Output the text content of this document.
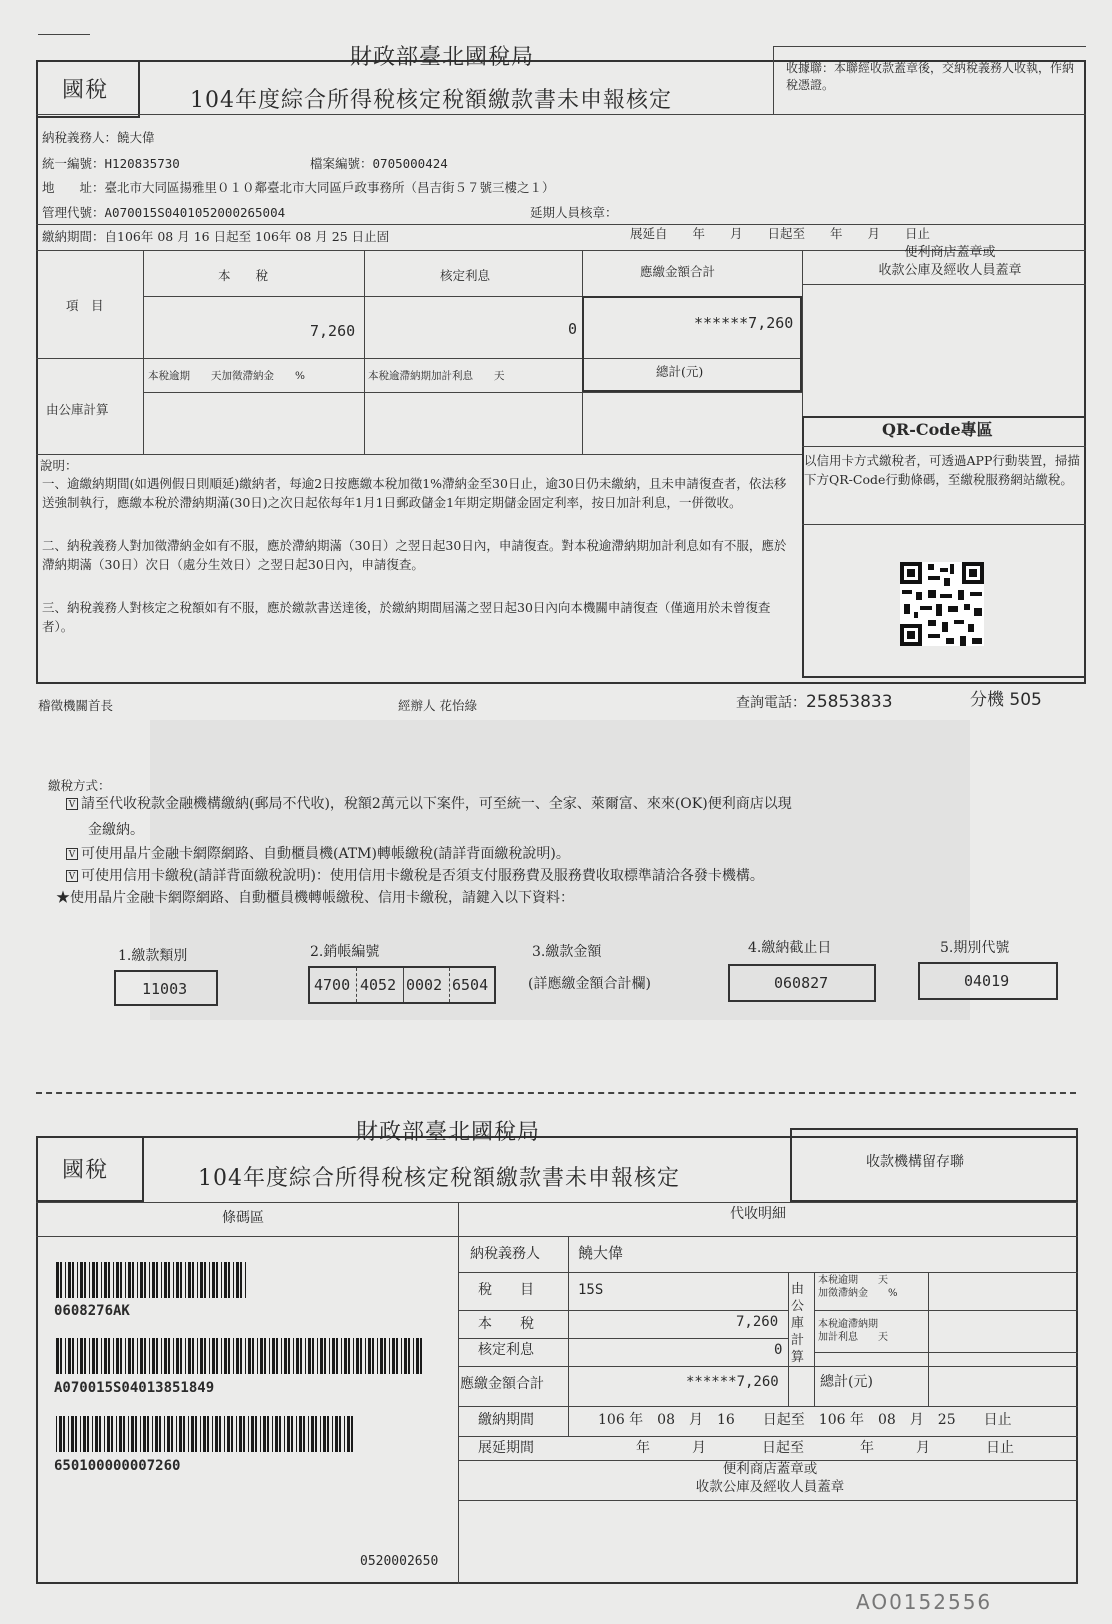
國稅
財政部臺北國稅局
104年度綜合所得稅核定稅額繳款書未申報核定
收據聯：本聯經收款蓋章後，交納稅義務人收執，作納稅憑證。
納稅義務人：饒大偉
統一編號：H120835730	檔案編號：0705000424
地　　址：臺北市大同區揚雅里０１０鄰臺北市大同區戶政事務所（昌吉街５７號三樓之１）
管理代號：A070015S0401052000265004	延期人員核章：
繳納期間：自106年 08 月 16 日起至 106年 08 月 25 日止固	展延自　　年　　月　　日起至　　年　　月　　日止
項　目
本　　稅	核定利息	應繳金額合計
便利商店蓋章或
收款公庫及經收人員蓋章
7,260	0	******7,260
由公庫計算
本稅逾期　　天加徵滯納金　　%	本稅逾滯納期加計利息　　天	總計(元)
QR-Code專區
以信用卡方式繳稅者，可透過APP行動裝置，掃描下方QR-Code行動條碼，至繳稅服務網站繳稅。
說明：
一、逾繳納期間(如遇例假日則順延)繳納者，每逾2日按應繳本稅加徵1%滯納金至30日止，逾30日仍未繳納，且未申請復查者，依法移送強制執行，應繳本稅於滯納期滿(30日)之次日起依每年1月1日郵政儲金1年期定期儲金固定利率，按日加計利息，一併徵收。
二、納稅義務人對加徵滯納金如有不服，應於滯納期滿（30日）之翌日起30日內，申請復查。對本稅逾滯納期加計利息如有不服，應於滯納期滿（30日）次日（處分生效日）之翌日起30日內，申請復查。
三、納稅義務人對核定之稅額如有不服，應於繳款書送達後，於繳納期間屆滿之翌日起30日內向本機關申請復查（僅適用於未曾復查者）。
稽徵機關首長	經辦人 花怡綠	查詢電話：25853833	分機 505
繳稅方式：
V 請至代收稅款金融機構繳納(郵局不代收)，稅額2萬元以下案件，可至統一、全家、萊爾富、來來(OK)便利商店以現
金繳納。
V 可使用晶片金融卡網際網路、自動櫃員機(ATM)轉帳繳稅(請詳背面繳稅說明)。
V 可使用信用卡繳稅(請詳背面繳稅說明)：使用信用卡繳稅是否須支付服務費及服務費收取標準請洽各發卡機構。
★使用晶片金融卡網際網路、自動櫃員機轉帳繳稅、信用卡繳稅，請鍵入以下資料：
1.繳款類別
11003
2.銷帳編號
4700 4052 0002 6504
3.繳款金額
(詳應繳金額合計欄)
4.繳納截止日
060827
5.期別代號
04019
國稅
財政部臺北國稅局
104年度綜合所得稅核定稅額繳款書未申報核定
收款機構留存聯
條碼區	代收明細
0608276AK
A070015S04013851849
650100000007260
0520002650
納稅義務人	饒大偉
稅　　目	15S
本　　稅	7,260
核定利息	0
應繳金額合計	******7,260
由公庫計算
本稅逾期　　天
加徵滯納金　　%
本稅逾滯納期
加計利息　　天
總計(元)
繳納期間	106 年　08　月　16　　日起至　106 年　08　月　25　　日止
展延期間	年　　　月　　　　日起至　　　　年　　　月　　　　日止
便利商店蓋章或
收款公庫及經收人員蓋章
AO0152556
